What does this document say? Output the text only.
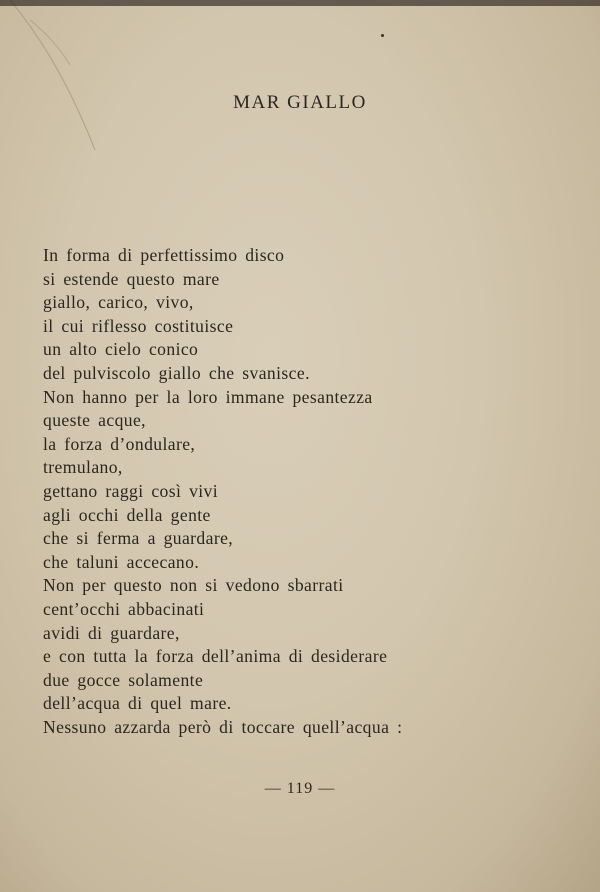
MAR GIALLO
In forma di perfettissimo disco
si estende questo mare
giallo, carico, vivo,
il cui riflesso costituisce
un alto cielo conico
del pulviscolo giallo che svanisce.
Non hanno per la loro immane pesantezza
queste acque,
la forza d’ondulare,
tremulano,
gettano raggi così vivi
agli occhi della gente
che si ferma a guardare,
che taluni accecano.
Non per questo non si vedono sbarrati
cent’occhi abbacinati
avidi di guardare,
e con tutta la forza dell’anima di desiderare
due gocce solamente
dell’acqua di quel mare.
Nessuno azzarda però di toccare quell’acqua :
— 119 —
